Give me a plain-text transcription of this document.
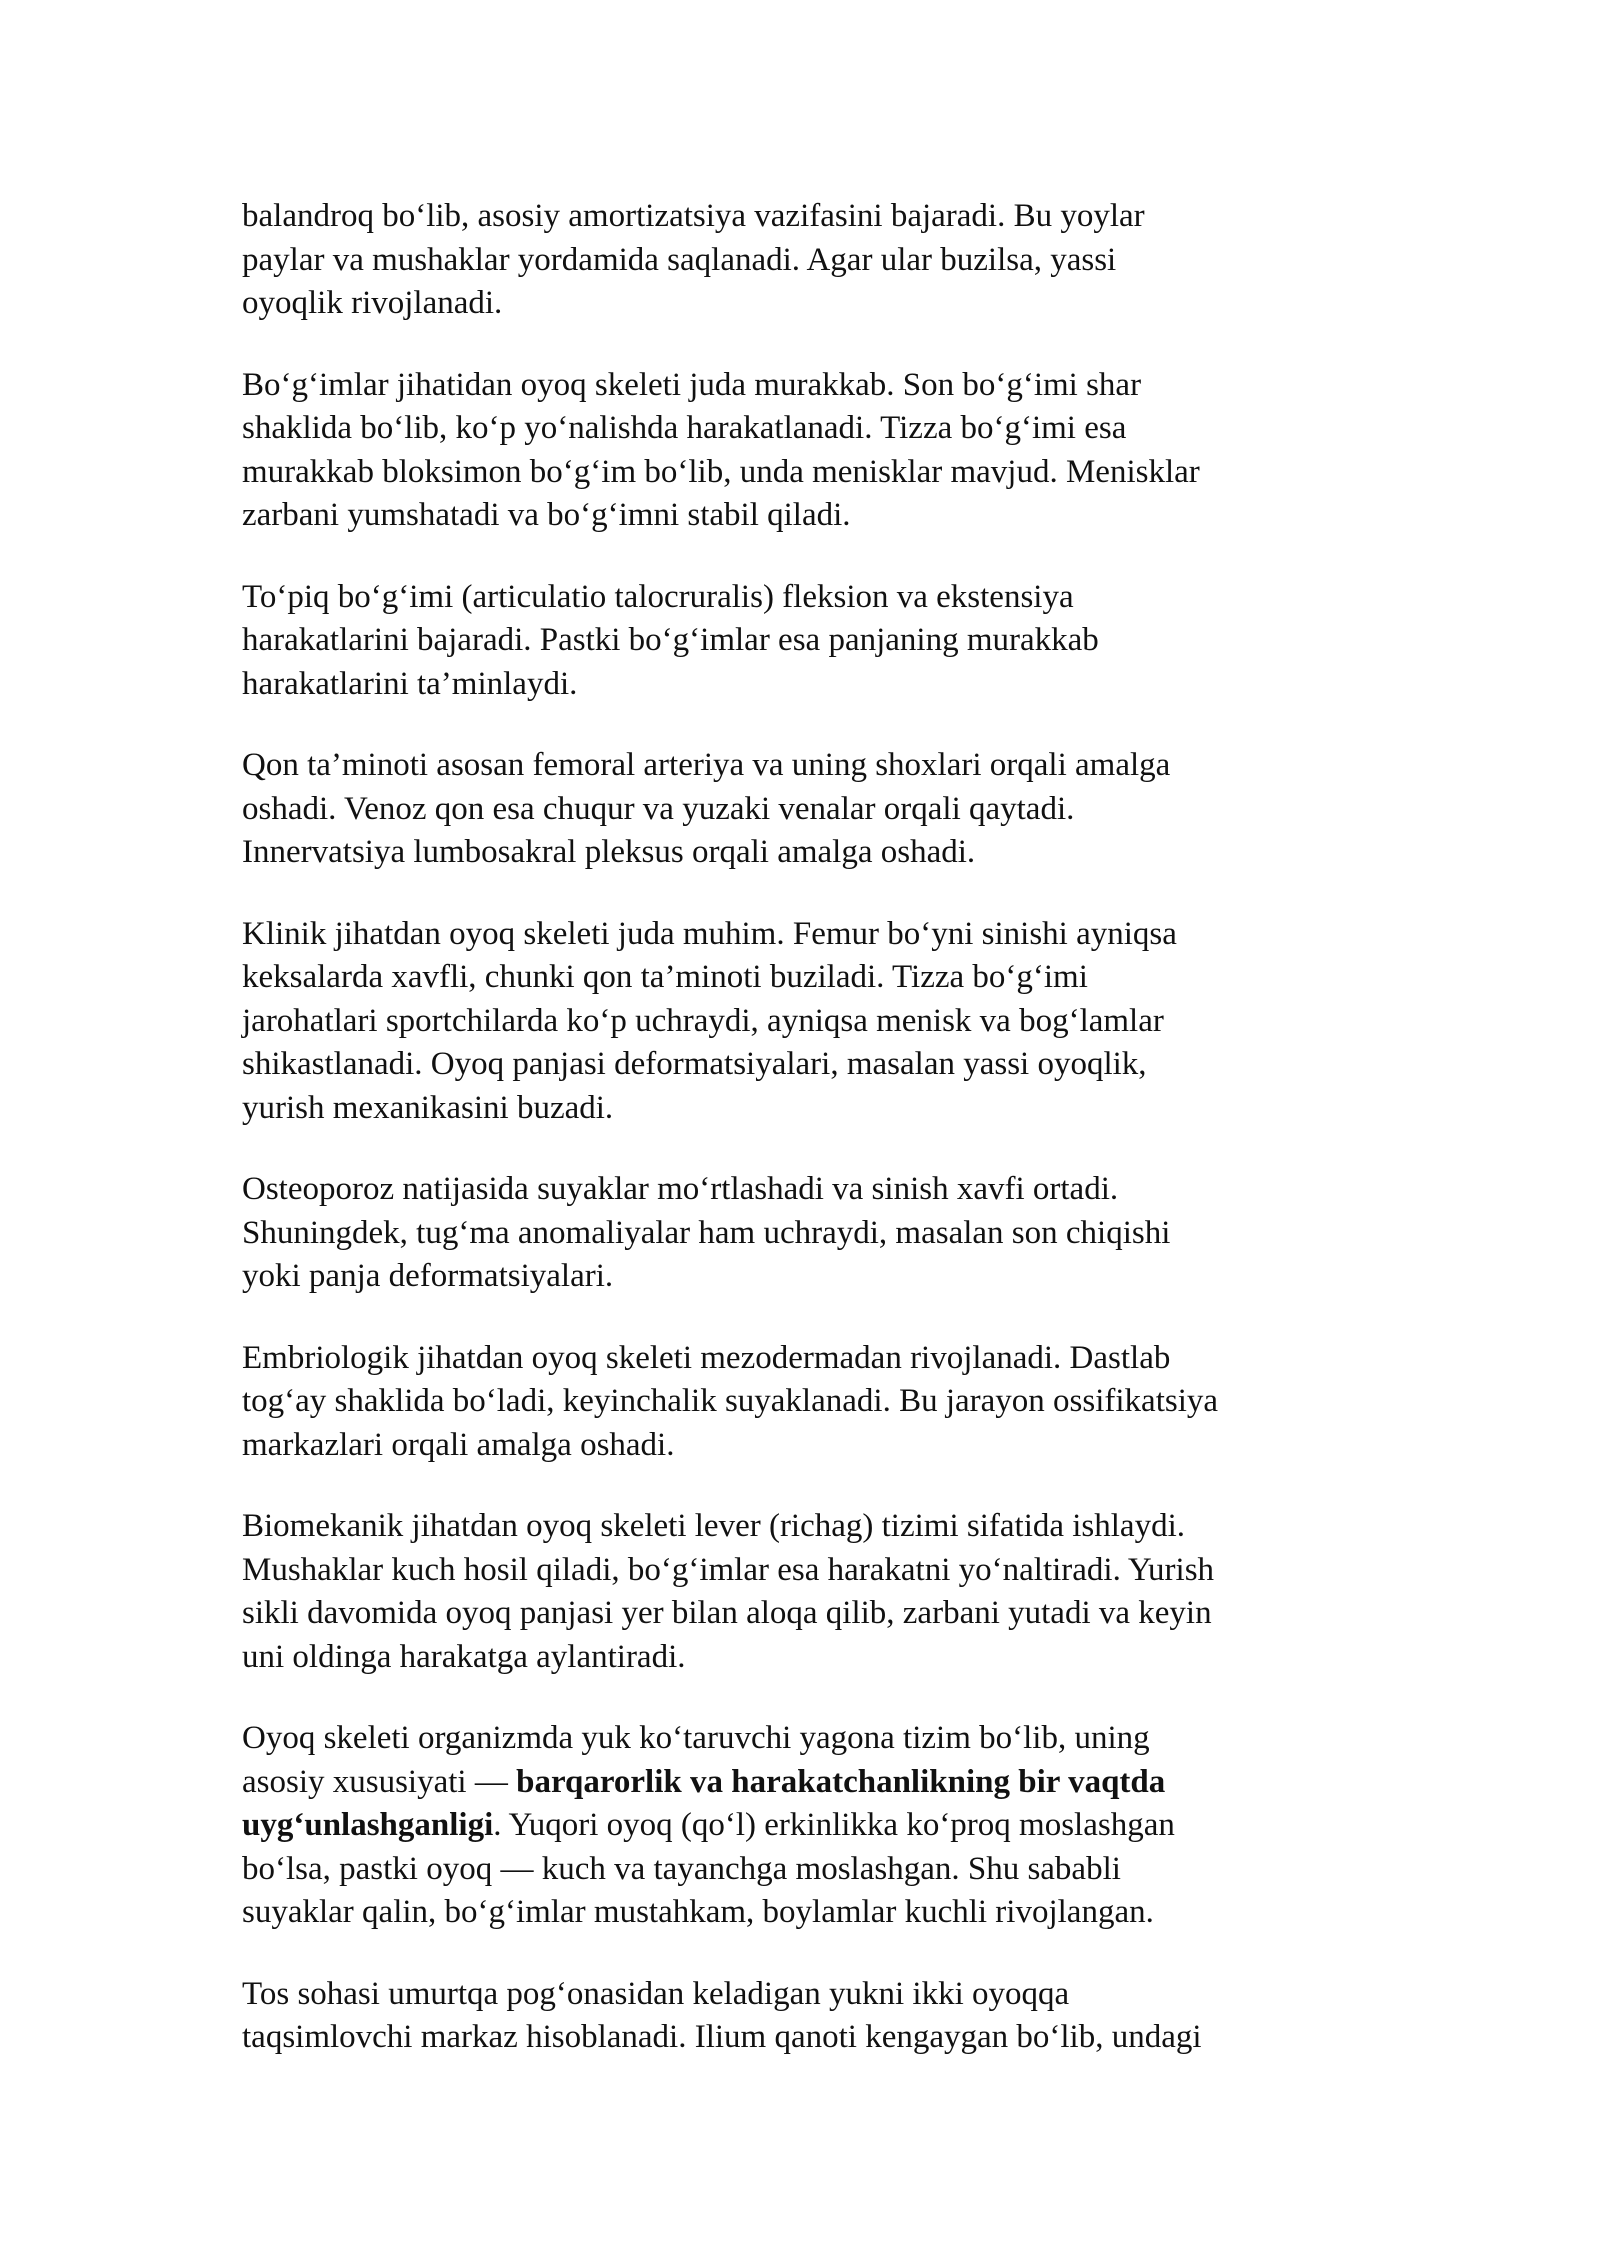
balandroq bo‘lib, asosiy amortizatsiya vazifasini bajaradi. Bu yoylar
paylar va mushaklar yordamida saqlanadi. Agar ular buzilsa, yassi
oyoqlik rivojlanadi.

Bo‘g‘imlar jihatidan oyoq skeleti juda murakkab. Son bo‘g‘imi shar
shaklida bo‘lib, ko‘p yo‘nalishda harakatlanadi. Tizza bo‘g‘imi esa
murakkab bloksimon bo‘g‘im bo‘lib, unda menisklar mavjud. Menisklar
zarbani yumshatadi va bo‘g‘imni stabil qiladi.

To‘piq bo‘g‘imi (articulatio talocruralis) fleksion va ekstensiya
harakatlarini bajaradi. Pastki bo‘g‘imlar esa panjaning murakkab
harakatlarini ta’minlaydi.

Qon ta’minoti asosan femoral arteriya va uning shoxlari orqali amalga
oshadi. Venoz qon esa chuqur va yuzaki venalar orqali qaytadi.
Innervatsiya lumbosakral pleksus orqali amalga oshadi.

Klinik jihatdan oyoq skeleti juda muhim. Femur bo‘yni sinishi ayniqsa
keksalarda xavfli, chunki qon ta’minoti buziladi. Tizza bo‘g‘imi
jarohatlari sportchilarda ko‘p uchraydi, ayniqsa menisk va bog‘lamlar
shikastlanadi. Oyoq panjasi deformatsiyalari, masalan yassi oyoqlik,
yurish mexanikasini buzadi.

Osteoporoz natijasida suyaklar mo‘rtlashadi va sinish xavfi ortadi.
Shuningdek, tug‘ma anomaliyalar ham uchraydi, masalan son chiqishi
yoki panja deformatsiyalari.

Embriologik jihatdan oyoq skeleti mezodermadan rivojlanadi. Dastlab
tog‘ay shaklida bo‘ladi, keyinchalik suyaklanadi. Bu jarayon ossifikatsiya
markazlari orqali amalga oshadi.

Biomekanik jihatdan oyoq skeleti lever (richag) tizimi sifatida ishlaydi.
Mushaklar kuch hosil qiladi, bo‘g‘imlar esa harakatni yo‘naltiradi. Yurish
sikli davomida oyoq panjasi yer bilan aloqa qilib, zarbani yutadi va keyin
uni oldinga harakatga aylantiradi.

Oyoq skeleti organizmda yuk ko‘taruvchi yagona tizim bo‘lib, uning
asosiy xususiyati — barqarorlik va harakatchanlikning bir vaqtda
uyg‘unlashganligi. Yuqori oyoq (qo‘l) erkinlikka ko‘proq moslashgan
bo‘lsa, pastki oyoq — kuch va tayanchga moslashgan. Shu sababli
suyaklar qalin, bo‘g‘imlar mustahkam, boylamlar kuchli rivojlangan.

Tos sohasi umurtqa pog‘onasidan keladigan yukni ikki oyoqqa
taqsimlovchi markaz hisoblanadi. Ilium qanoti kengaygan bo‘lib, undagi
